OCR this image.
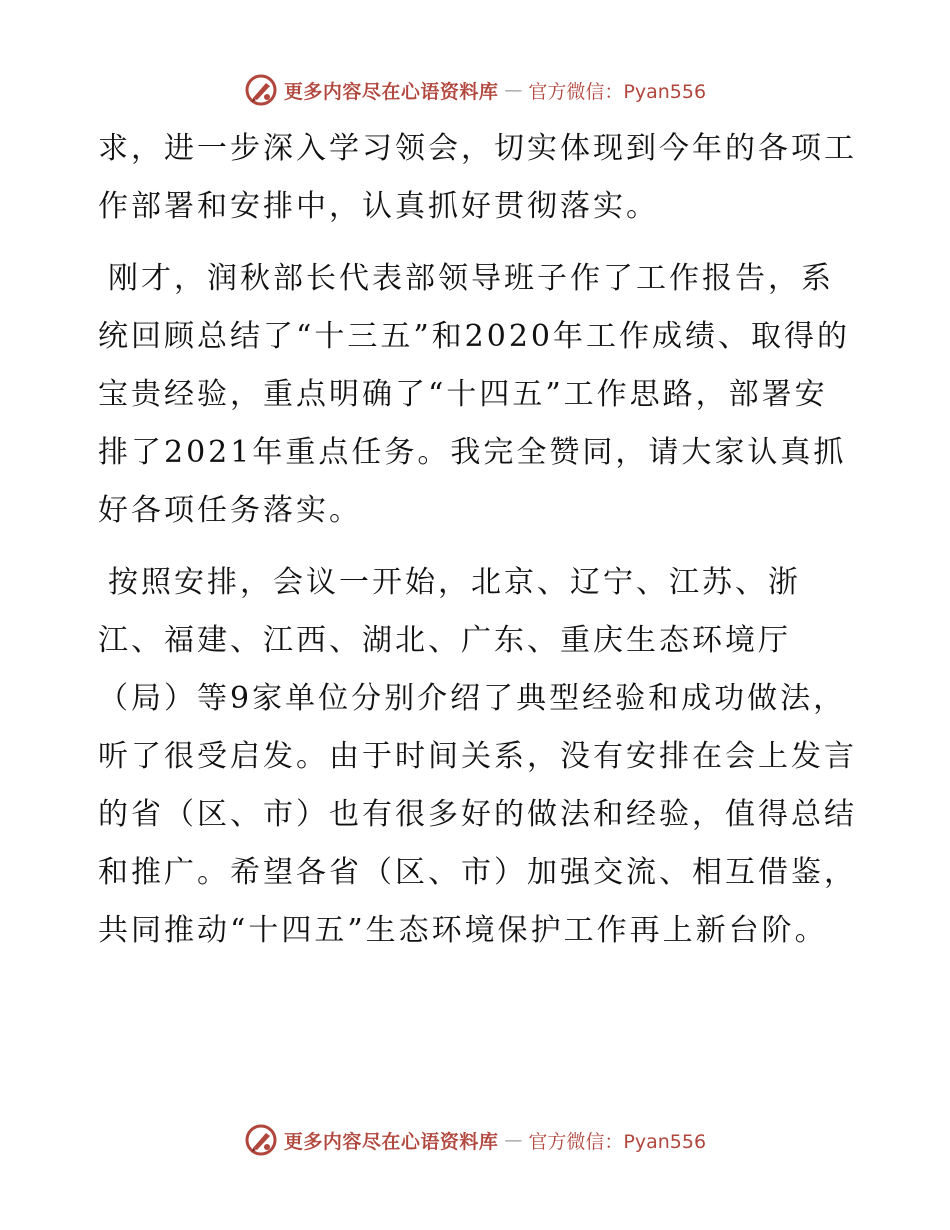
更多内容尽在心语资料库 — 官方微信：Pyan556

求，进一步深入学习领会，切实体现到今年的各项工作部署和安排中，认真抓好贯彻落实。

刚才，润秋部长代表部领导班子作了工作报告，系统回顾总结了“十三五”和2020年工作成绩、取得的宝贵经验，重点明确了“十四五”工作思路，部署安排了2021年重点任务。我完全赞同，请大家认真抓好各项任务落实。

按照安排，会议一开始，北京、辽宁、江苏、浙江、福建、江西、湖北、广东、重庆生态环境厅（局）等9家单位分别介绍了典型经验和成功做法，听了很受启发。由于时间关系，没有安排在会上发言的省（区、市）也有很多好的做法和经验，值得总结和推广。希望各省（区、市）加强交流、相互借鉴，共同推动“十四五”生态环境保护工作再上新台阶。

更多内容尽在心语资料库 — 官方微信：Pyan556
